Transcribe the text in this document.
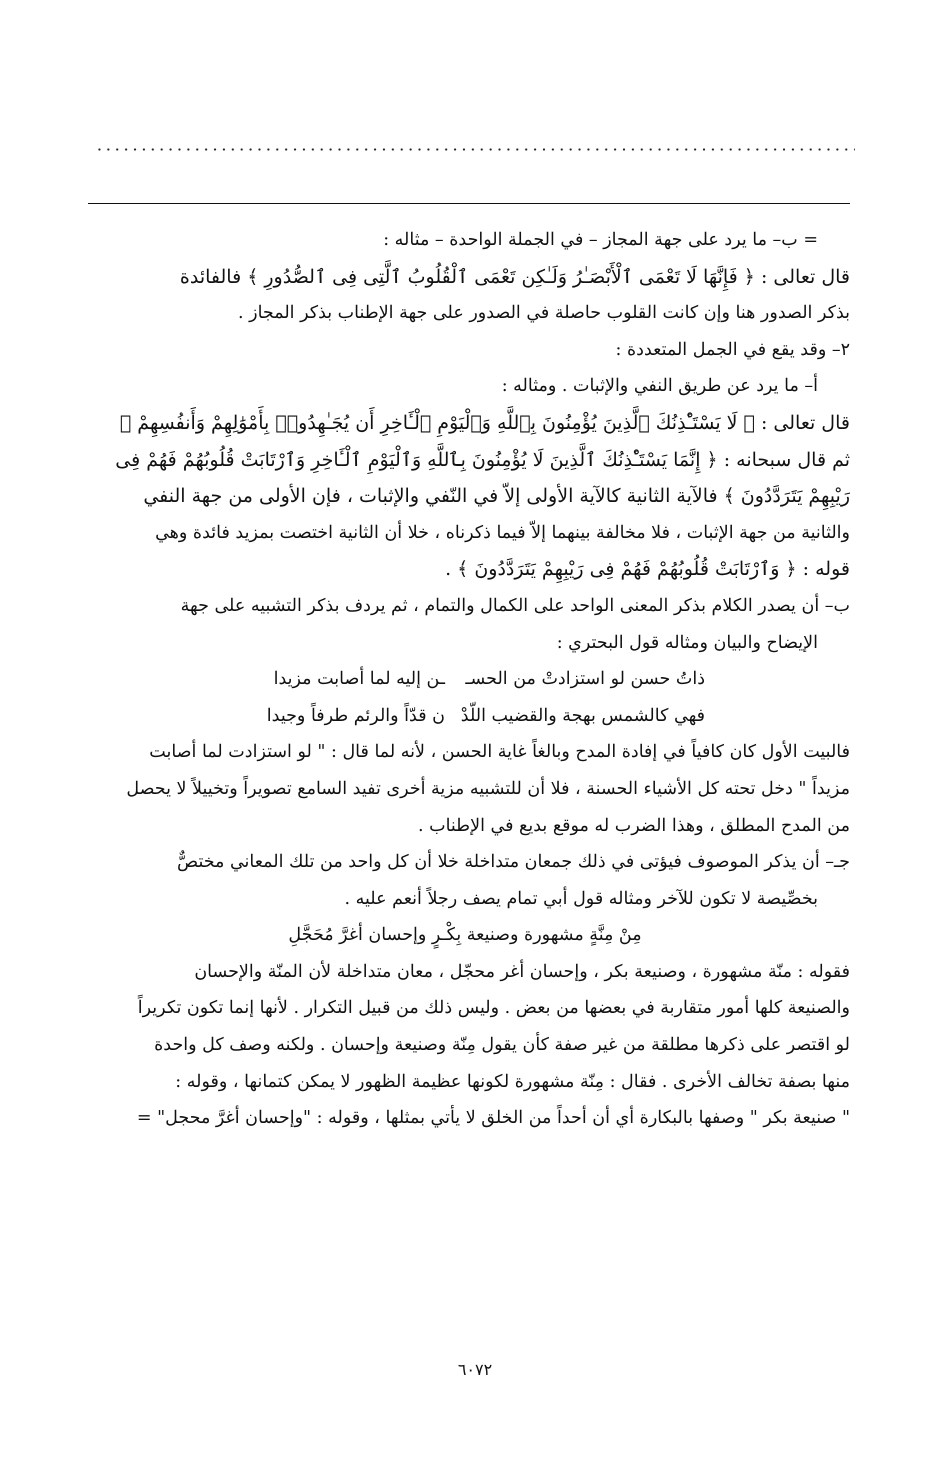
= ب– ما يرد على جهة المجاز – في الجملة الواحدة – مثاله :

قال تعالى : ﴿ فَإِنَّهَا لَا تَعْمَى ٱلْأَبْصَـٰرُ وَلَـٰكِن تَعْمَى ٱلْقُلُوبُ ٱلَّتِى فِى ٱلصُّدُورِ ﴾ فالفائدة

بذكر الصدور هنا وإن كانت القلوب حاصلة في الصدور على جهة الإطناب بذكر المجاز .

٢– وقد يقع في الجمل المتعددة :

أ– ما يرد عن طريق النفي والإثبات . ومثاله :

قال تعالى : ﴿ لَا يَسْتَـْٔذِنُكَ ٱلَّذِينَ يُؤْمِنُونَ بِٱللَّهِ وَٱلْيَوْمِ ٱلْـَٔاخِرِ أَن يُجَـٰهِدُوا۟ بِأَمْوَٰلِهِمْ وَأَنفُسِهِمْ ﴾

ثم قال سبحانه : ﴿ إِنَّمَا يَسْتَـْٔذِنُكَ ٱلَّذِينَ لَا يُؤْمِنُونَ بِٱللَّهِ وَٱلْيَوْمِ ٱلْـَٔاخِرِ وَٱرْتَابَتْ قُلُوبُهُمْ فَهُمْ فِى

رَيْبِهِمْ يَتَرَدَّدُونَ ﴾ فالآية الثانية كالآية الأولى إلاّ في النّفي والإثبات ، فإن الأولى من جهة النفي

والثانية من جهة الإثبات ، فلا مخالفة بينهما إلاّ فيما ذكرناه ، خلا أن الثانية اختصت بمزيد فائدة وهي

قوله : ﴿ وَٱرْتَابَتْ قُلُوبُهُمْ فَهُمْ فِى رَيْبِهِمْ يَتَرَدَّدُونَ ﴾ .

ب– أن يصدر الكلام بذكر المعنى الواحد على الكمال والتمام ، ثم يردف بذكر التشبيه على جهة

الإيضاح والبيان ومثاله قول البحتري :

ذاتُ حسن لو استزادتْ من الحسـ
ـن إليه لما أصابت مزيدا
فهي كالشمس بهجة والقضيب اللّدْ
ن قدّاً والرئم طرفاً وجيدا

فالبيت الأول كان كافياً في إفادة المدح وبالغاً غاية الحسن ، لأنه لما قال : " لو استزادت لما أصابت

مزيداً " دخل تحته كل الأشياء الحسنة ، فلا أن للتشبيه مزية أخرى تفيد السامع تصويراً وتخييلاً لا يحصل

من المدح المطلق ، وهذا الضرب له موقع بديع في الإطناب .

جـ– أن يذكر الموصوف فيؤتى في ذلك جمعان متداخلة خلا أن كل واحد من تلك المعاني مختصٌّ

بخصِّيصة لا تكون للآخر ومثاله قول أبي تمام يصف رجلاً أنعم عليه .

مِنْ مِنَّةٍ مشهورة وصنيعة بِكْـرٍ وإحسان أغرَّ مُحَجَّلِ

فقوله : منّة مشهورة ، وصنيعة بكر ، وإحسان أغر محجّل ، معان متداخلة لأن المنّة والإحسان

والصنيعة كلها أمور متقاربة في بعضها من بعض . وليس ذلك من قبيل التكرار . لأنها إنما تكون تكريراً

لو اقتصر على ذكرها مطلقة من غير صفة كأن يقول مِنّة وصنيعة وإحسان . ولكنه وصف كل واحدة

منها بصفة تخالف الأخرى . فقال : مِنّة مشهورة لكونها عظيمة الظهور لا يمكن كتمانها ، وقوله :

" صنيعة بكر " وصفها بالبكارة أي أن أحداً من الخلق لا يأتي بمثلها ، وقوله : "وإحسان أغرَّ محجل" =

٦٠٧٢
